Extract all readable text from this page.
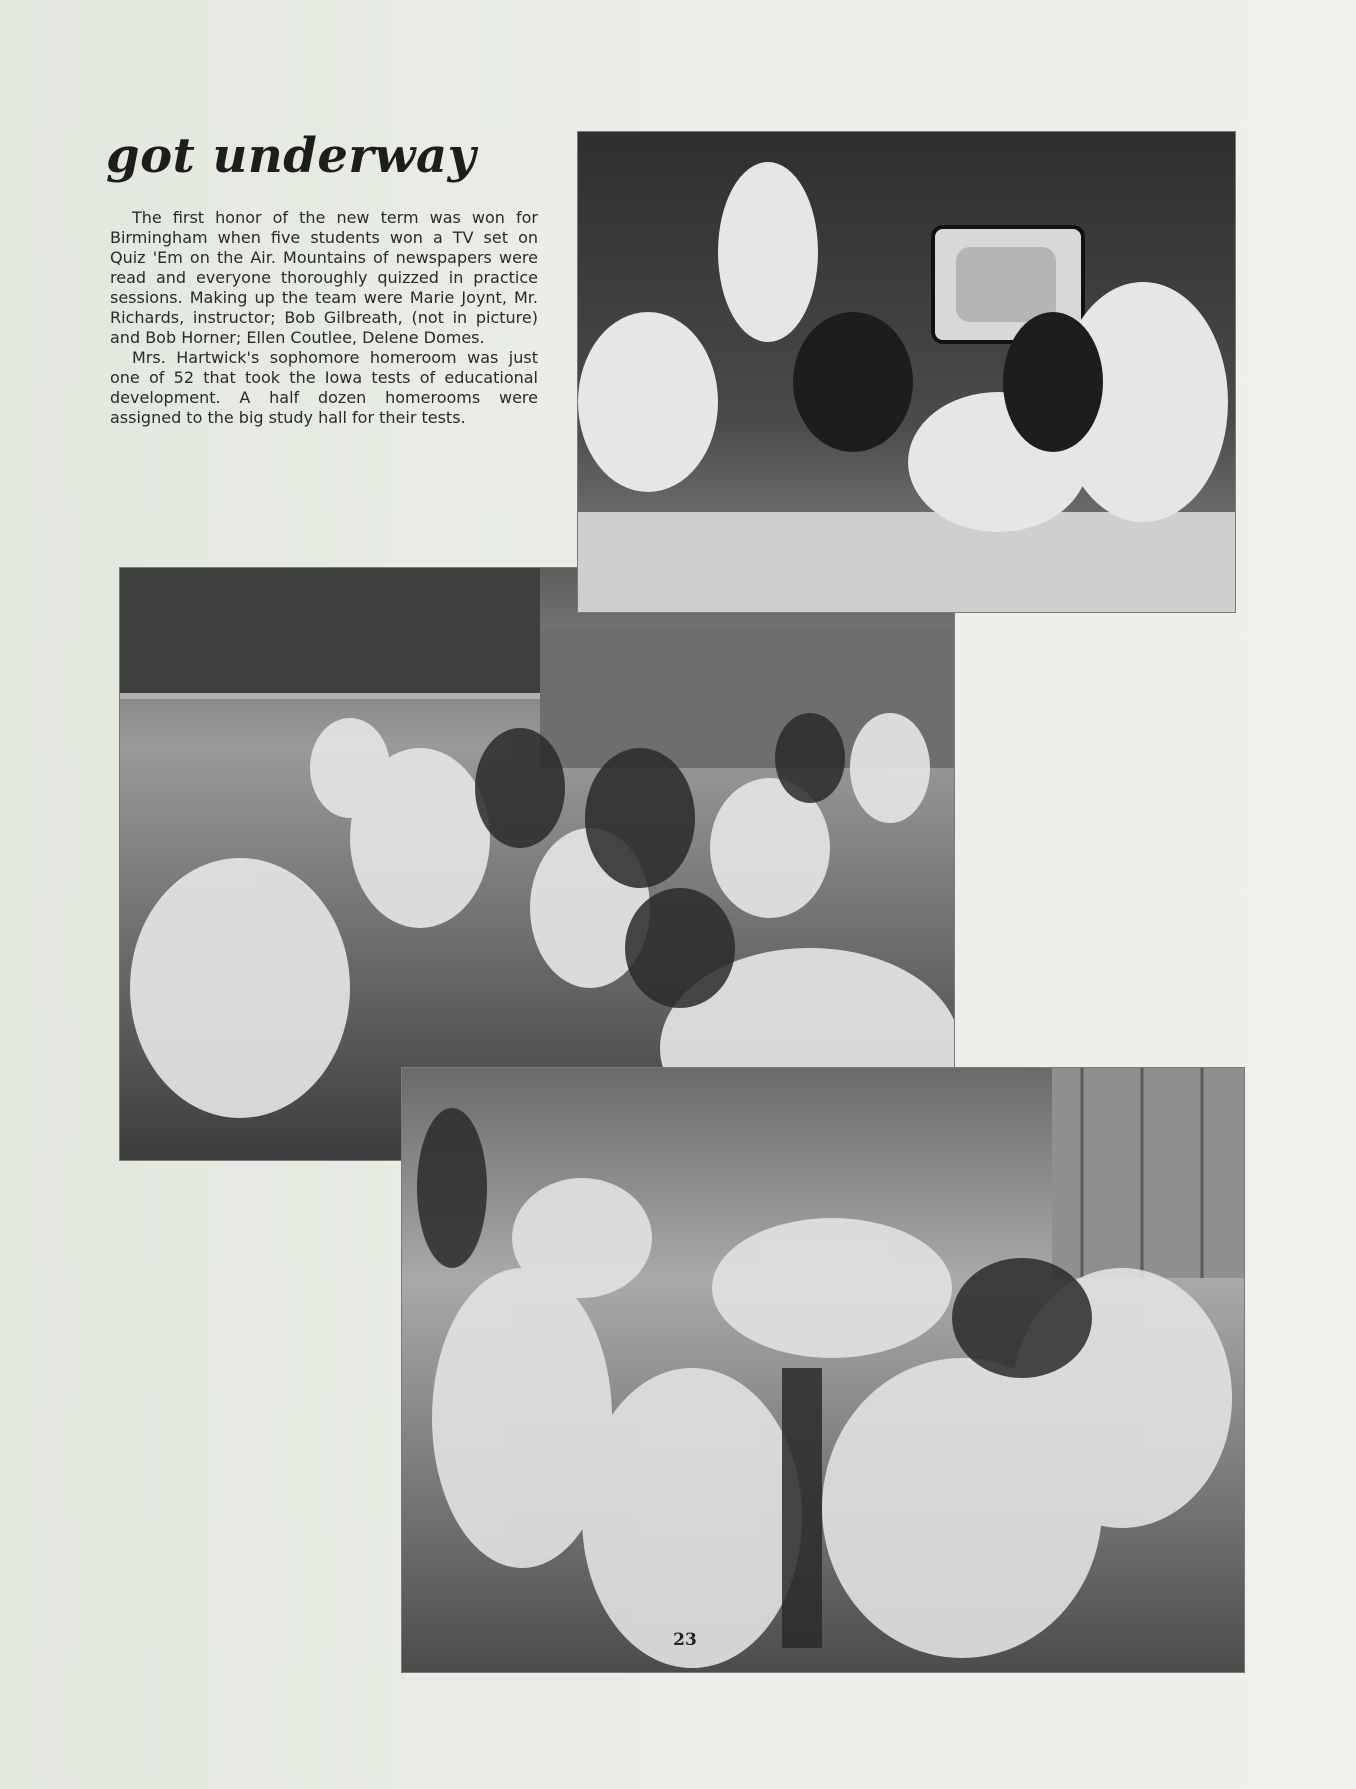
got underway

The first honor of the new term was won for Birmingham when five students won a TV set on Quiz 'Em on the Air. Mountains of newspapers were read and everyone thoroughly quizzed in practice sessions. Making up the team were Marie Joynt, Mr. Richards, instructor; Bob Gilbreath, (not in picture) and Bob Horner; Ellen Coutlee, Delene Domes.

Mrs. Hartwick's sophomore homeroom was just one of 52 that took the Iowa tests of educational development. A half dozen homerooms were assigned to the big study hall for their tests.

23
